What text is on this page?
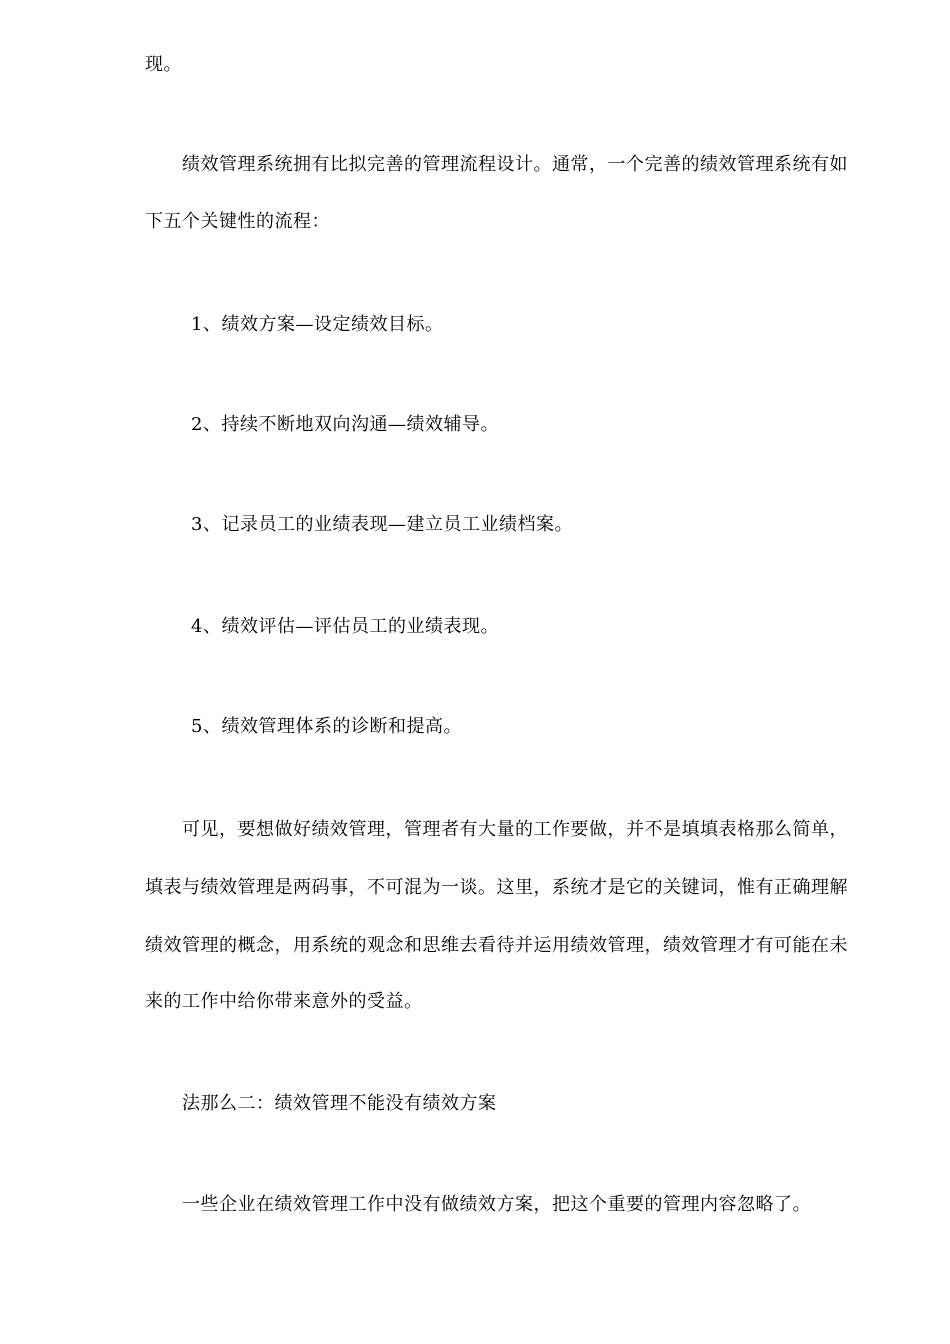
现。
绩效管理系统拥有比拟完善的管理流程设计。通常，一个完善的绩效管理系统有如
下五个关键性的流程：
1、绩效方案—设定绩效目标。
2、持续不断地双向沟通—绩效辅导。
3、记录员工的业绩表现—建立员工业绩档案。
4、绩效评估—评估员工的业绩表现。
5、绩效管理体系的诊断和提高。
可见，要想做好绩效管理，管理者有大量的工作要做，并不是填填表格那么简单，
填表与绩效管理是两码事，不可混为一谈。这里，系统才是它的关键词，惟有正确理解
绩效管理的概念，用系统的观念和思维去看待并运用绩效管理，绩效管理才有可能在未
来的工作中给你带来意外的受益。
法那么二：绩效管理不能没有绩效方案
一些企业在绩效管理工作中没有做绩效方案，把这个重要的管理内容忽略了。
